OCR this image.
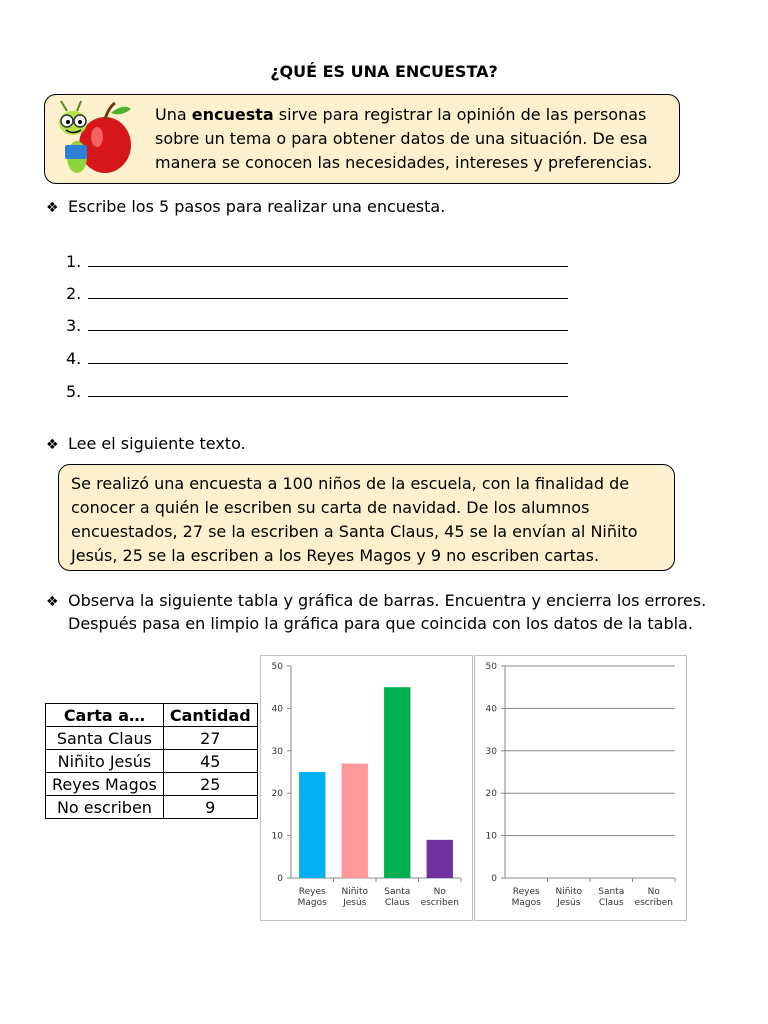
¿QUÉ ES UNA ENCUESTA?
Una encuesta sirve para registrar la opinión de las personas sobre un tema o para obtener datos de una situación. De esa manera se conocen las necesidades, intereses y preferencias.
❖ Escribe los 5 pasos para realizar una encuesta.
1.
2.
3.
4.
5.
❖ Lee el siguiente texto.
Se realizó una encuesta a 100 niños de la escuela, con la finalidad de conocer a quién le escriben su carta de navidad. De los alumnos encuestados, 27 se la escriben a Santa Claus, 45 se la envían al Niñito Jesús, 25 se la escriben a los Reyes Magos y 9 no escriben cartas.
❖ Observa la siguiente tabla y gráfica de barras. Encuentra y encierra los errores.
Después pasa en limpio la gráfica para que coincida con los datos de la tabla.
Carta a…	Cantidad
Santa Claus	27
Niñito Jesús	45
Reyes Magos	25
No escriben	9
0
10
20
30
40
50
Reyes
Magos
Niñito
Jesús
Santa
Claus
No
escriben
0
10
20
30
40
50
Reyes
Magos
Niñito
Jesús
Santa
Claus
No
escriben
